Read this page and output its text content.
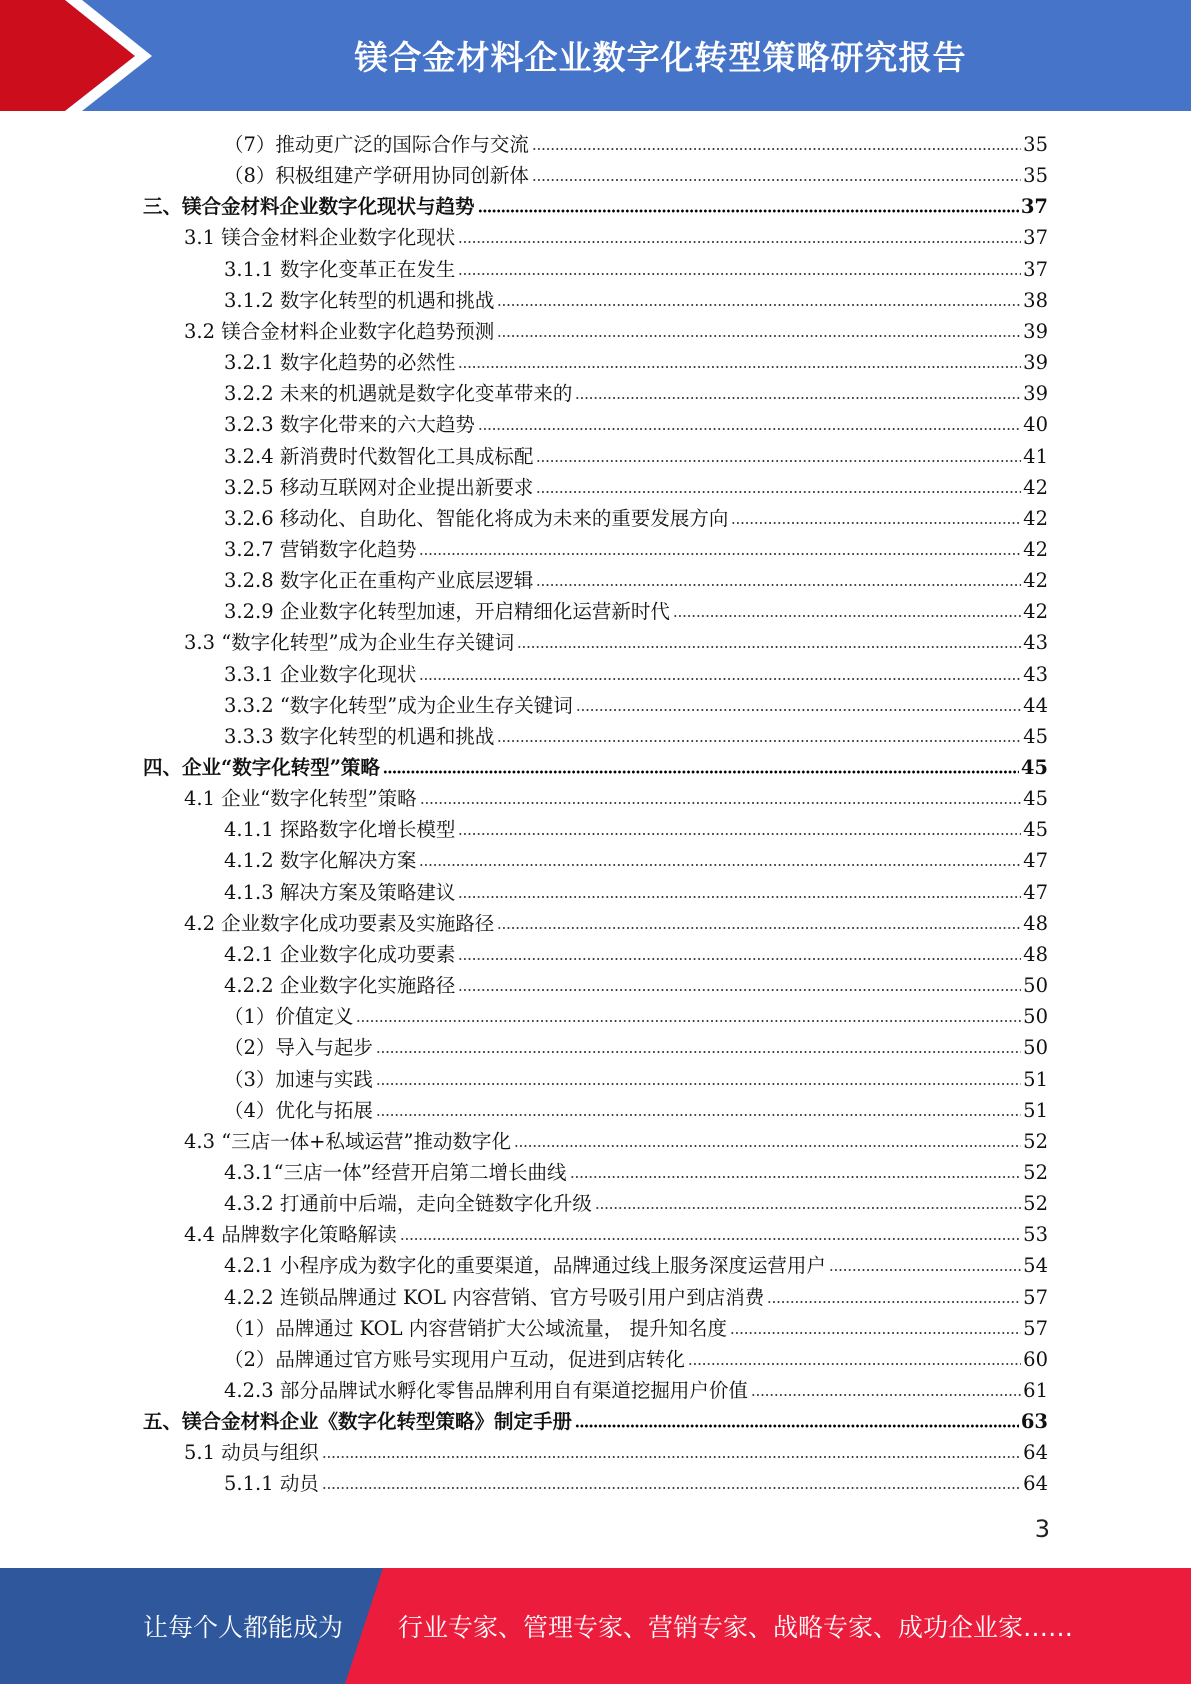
镁合金材料企业数字化转型策略研究报告
（7）推动更广泛的国际合作与交流	35
（8）积极组建产学研用协同创新体	35
三、镁合金材料企业数字化现状与趋势	37
3.1 镁合金材料企业数字化现状	37
3.1.1 数字化变革正在发生	37
3.1.2 数字化转型的机遇和挑战	38
3.2 镁合金材料企业数字化趋势预测	39
3.2.1 数字化趋势的必然性	39
3.2.2 未来的机遇就是数字化变革带来的	39
3.2.3 数字化带来的六大趋势	40
3.2.4 新消费时代数智化工具成标配	41
3.2.5 移动互联网对企业提出新要求	42
3.2.6 移动化、自助化、智能化将成为未来的重要发展方向	42
3.2.7 营销数字化趋势	42
3.2.8 数字化正在重构产业底层逻辑	42
3.2.9 企业数字化转型加速，开启精细化运营新时代	42
3.3 “数字化转型”成为企业生存关键词	43
3.3.1 企业数字化现状	43
3.3.2 “数字化转型”成为企业生存关键词	44
3.3.3 数字化转型的机遇和挑战	45
四、企业“数字化转型”策略	45
4.1 企业“数字化转型”策略	45
4.1.1 探路数字化增长模型	45
4.1.2 数字化解决方案	47
4.1.3 解决方案及策略建议	47
4.2 企业数字化成功要素及实施路径	48
4.2.1 企业数字化成功要素	48
4.2.2 企业数字化实施路径	50
（1）价值定义	50
（2）导入与起步	50
（3）加速与实践	51
（4）优化与拓展	51
4.3 “三店一体+私域运营”推动数字化	52
4.3.1“三店一体”经营开启第二增长曲线	52
4.3.2 打通前中后端，走向全链数字化升级	52
4.4 品牌数字化策略解读	53
4.2.1 小程序成为数字化的重要渠道，品牌通过线上服务深度运营用户	54
4.2.2 连锁品牌通过 KOL 内容营销、官方号吸引用户到店消费	57
（1）品牌通过 KOL 内容营销扩大公域流量， 提升知名度	57
（2）品牌通过官方账号实现用户互动，促进到店转化	60
4.2.3 部分品牌试水孵化零售品牌利用自有渠道挖掘用户价值	61
五、镁合金材料企业《数字化转型策略》制定手册	63
5.1 动员与组织	64
5.1.1 动员	64
3
让每个人都能成为 行业专家、管理专家、营销专家、战略专家、成功企业家……
